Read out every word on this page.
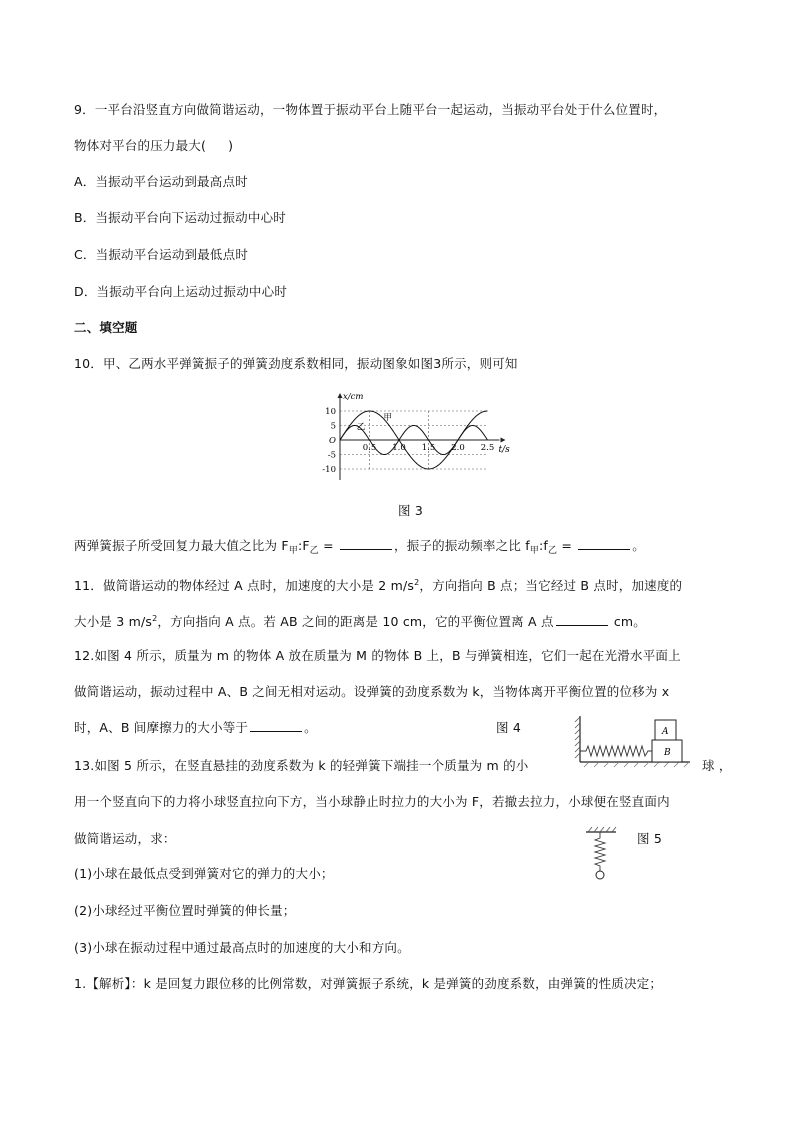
9．一平台沿竖直方向做简谐运动，一物体置于振动平台上随平台一起运动，当振动平台处于什么位置时，
物体对平台的压力最大( )
A．当振动平台运动到最高点时
B．当振动平台向下运动过振动中心时
C．当振动平台运动到最低点时
D．当振动平台向上运动过振动中心时
二、填空题
10．甲、乙两水平弹簧振子的弹簧劲度系数相同，振动图象如图3所示，则可知
10
5
O
-5
-10
0.5 1.0 1.5 2.0 2.5
x/cm
t/s
甲
乙
图 3
两弹簧振子所受回复力最大值之比为 $F_甲:F_乙$ =	，振子的振动频率之比 $f_甲:f_乙$ =	。
11．做简谐运动的物体经过 A 点时，加速度的大小是 2 $m/s^2$，方向指向 B 点；当它经过 B 点时，加速度的
大小是 3 $m/s^2$，方向指向 A 点。若 AB 之间的距离是 10 cm，它的平衡位置离 A 点	cm。
12.如图 4 所示，质量为 m 的物体 A 放在质量为 M 的物体 B 上，B 与弹簧相连，它们一起在光滑水平面上
做简谐运动，振动过程中 A、B 之间无相对运动。设弹簧的劲度系数为 k，当物体离开平衡位置的位移为 x
时，A、B 间摩擦力的大小等于	。	图 4
B
A
13.如图 5 所示，在竖直悬挂的劲度系数为 k 的轻弹簧下端挂一个质量为 m 的小	球 ，
用一个竖直向下的力将小球竖直拉向下方，当小球静止时拉力的大小为 F，若撤去拉力，小球便在竖直面内
做简谐运动，求：	图 5
(1)小球在最低点受到弹簧对它的弹力的大小；
(2)小球经过平衡位置时弹簧的伸长量；
(3)小球在振动过程中通过最高点时的加速度的大小和方向。
1.【解析】：k 是回复力跟位移的比例常数，对弹簧振子系统，k 是弹簧的劲度系数，由弹簧的性质决定；
